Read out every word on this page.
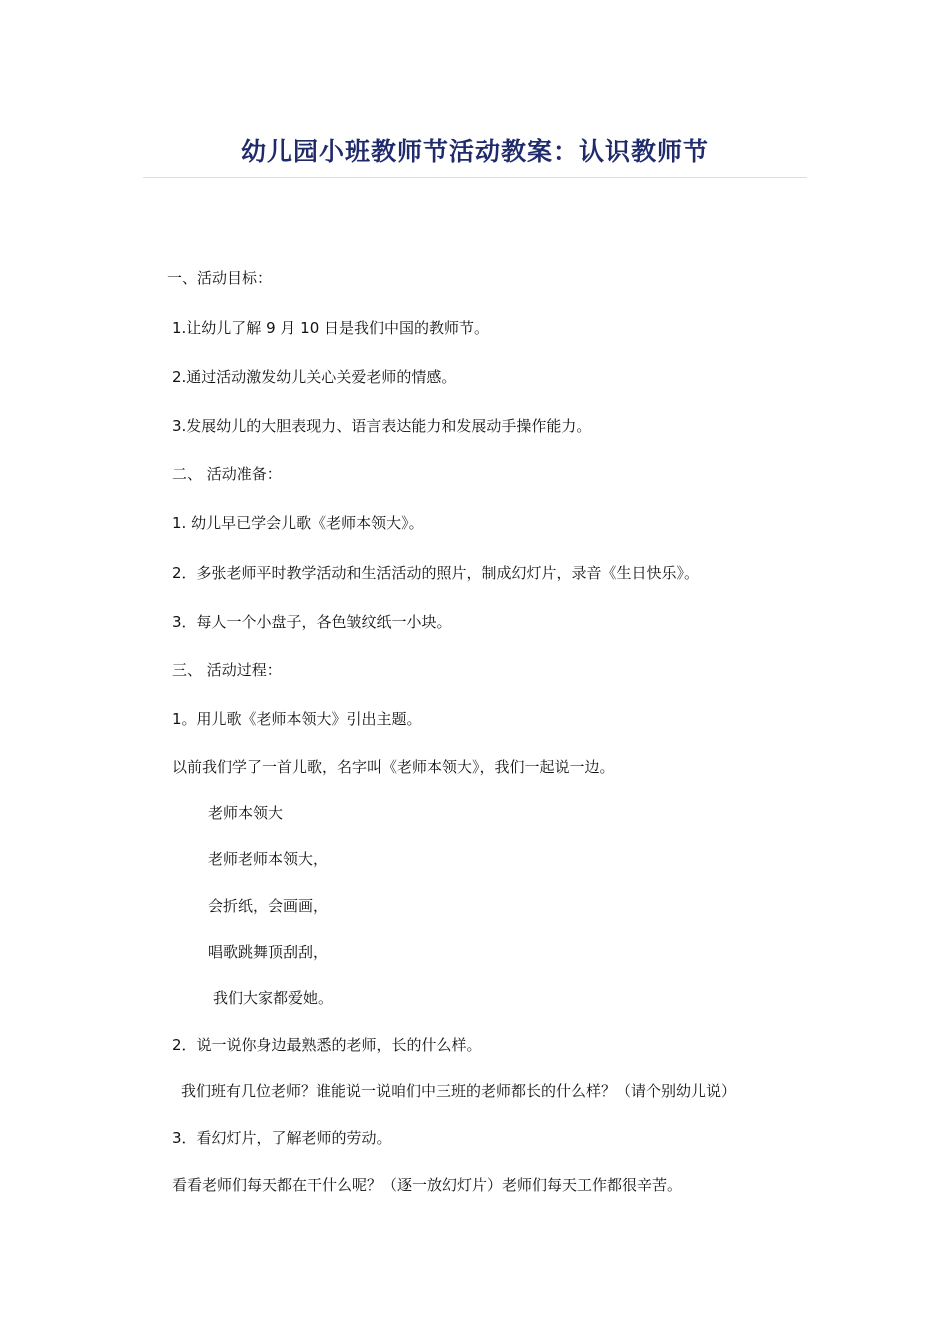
幼儿园小班教师节活动教案：认识教师节
一、活动目标：
1.让幼儿了解 9 月 10 日是我们中国的教师节。
2.通过活动激发幼儿关心关爱老师的情感。
3.发展幼儿的大胆表现力、语言表达能力和发展动手操作能力。
二、 活动准备：
1. 幼儿早已学会儿歌《老师本领大》。
2．多张老师平时教学活动和生活活动的照片，制成幻灯片，录音《生日快乐》。
3．每人一个小盘子，各色皱纹纸一小块。
三、 活动过程：
1。用儿歌《老师本领大》引出主题。
以前我们学了一首儿歌，名字叫《老师本领大》，我们一起说一边。
老师本领大
老师老师本领大，
会折纸，会画画，
唱歌跳舞顶刮刮，
我们大家都爱她。
2．说一说你身边最熟悉的老师，长的什么样。
我们班有几位老师？谁能说一说咱们中三班的老师都长的什么样？（请个别幼儿说）
3．看幻灯片，了解老师的劳动。
看看老师们每天都在干什么呢？（逐一放幻灯片）老师们每天工作都很辛苦。
